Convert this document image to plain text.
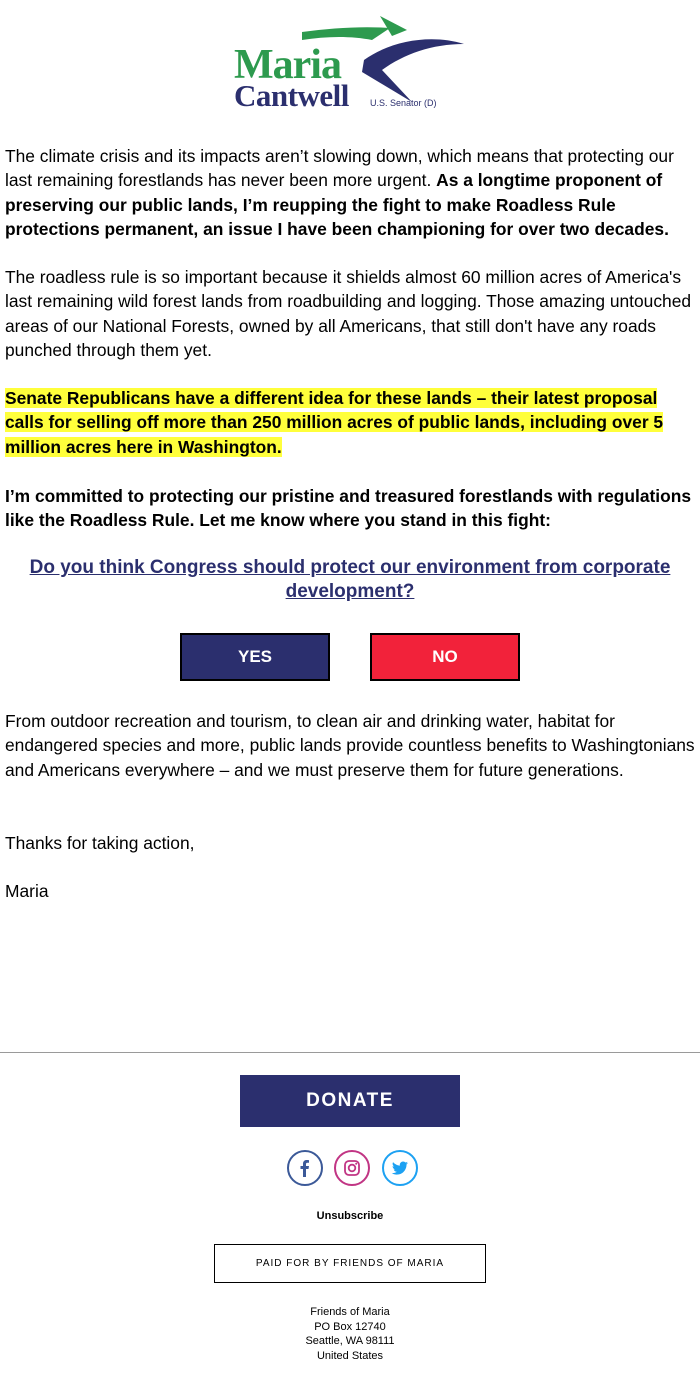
Maria
Cantwell U.S. Senator (D)

The climate crisis and its impacts aren’t slowing down, which means that protecting our last remaining forestlands has never been more urgent. As a longtime proponent of preserving our public lands, I’m reupping the fight to make Roadless Rule protections permanent, an issue I have been championing for over two decades.

The roadless rule is so important because it shields almost 60 million acres of America's last remaining wild forest lands from roadbuilding and logging. Those amazing untouched areas of our National Forests, owned by all Americans, that still don't have any roads punched through them yet.

Senate Republicans have a different idea for these lands – their latest proposal calls for selling off more than 250 million acres of public lands, including over 5 million acres here in Washington.

I’m committed to protecting our pristine and treasured forestlands with regulations like the Roadless Rule. Let me know where you stand in this fight:

Do you think Congress should protect our environment from corporate development?
YES	NO

From outdoor recreation and tourism, to clean air and drinking water, habitat for endangered species and more, public lands provide countless benefits to Washingtonians and Americans everywhere – and we must preserve them for future generations.

Thanks for taking action,

Maria

DONATE
Unsubscribe
PAID FOR BY FRIENDS OF MARIA
Friends of Maria
PO Box 12740
Seattle, WA 98111
United States
